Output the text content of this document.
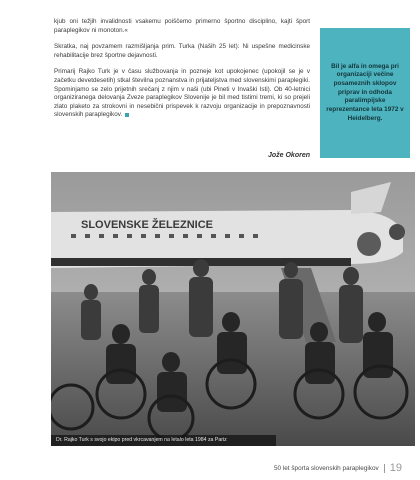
kjub oni težjih invalidnosti vsakemu poiščemo primerno športno disciplino, kajti šport paraplegikov ni monoton.«

Skratka, naj povzamem razmišljanja prim. Turka (Naših 25 let): Ni uspešne medicinske rehabilitacije brez športne dejavnosti.

Primarij Rajko Turk je v času službovanja in pozneje kot upokojenec (upokojil se je v začetku devetdesetih) stkal številna poznanstva in prijateljstva med slovenskimi paraplegiki. Spominjamo se zelo prijetnih srečanj z njim v naši (ubi Pineti v Invaški Isti). Ob 40-letnici organiziranega delovanja Zveze paraplegikov Slovenije je bil med tistimi tremi, ki so prejeli zlato plaketo za strokovni in nesebični prispevek k razvoju organizacije in prepoznavnosti slovenskih paraplegikov.

Jože Okoren
Bil je alfa in omega pri organizaciji večine posameznih sklopov priprav in odhoda paralimpijske reprezentance leta 1972 v Heidelberg.
SLOVENSKE ŽELEZNICE
Dr. Rajko Turk s svojo ekipo pred vkrcavanjem na letalo leta 1984 za Pariz
50 let športa slovenskih paraplegikov 19
